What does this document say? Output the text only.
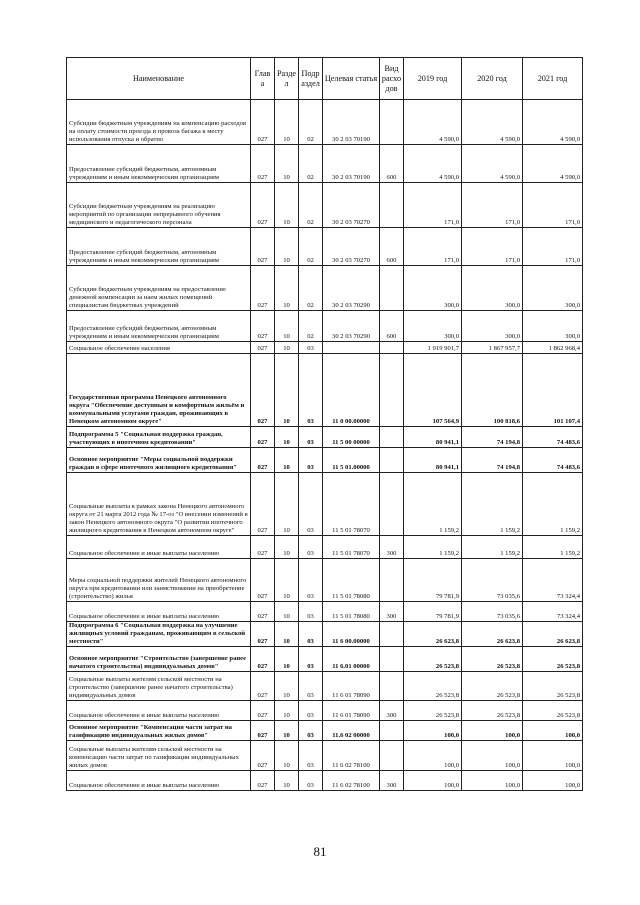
Наименование	Глав а	Разде л	Подр аздел	Целевая статья	Вид расхо дов	2019 год	2020 год	2021 год
Субсидии бюджетным учреждениям на компенсацию расходов на оплату стоимости проезда и провоза багажа к месту использования отпуска и обратно	027	10	02	30 2 03 70190		4 590,0	4 590,0	4 590,0
Предоставление субсидий бюджетным, автономным учреждениям и иным некоммерческим организациям	027	10	02	30 2 03 70190	600	4 590,0	4 590,0	4 590,0
Субсидии бюджетным учреждениям на реализацию мероприятий по организации непрерывного обучения медицинского и педагогического персонала	027	10	02	30 2 03 70270		171,0	171,0	171,0
Предоставление субсидий бюджетным, автономным учреждениям и иным некоммерческим организациям	027	10	02	30 2 03 70270	600	171,0	171,0	171,0
Субсидии бюджетным учреждениям на предоставление денежной компенсации за наем жилых помещений специалистам бюджетных учреждений	027	10	02	30 2 03 70290		300,0	300,0	300,0
Предоставление субсидий бюджетным, автономным учреждениям и иным некоммерческим организациям	027	10	02	30 2 03 70290	600	300,0	300,0	300,0
Социальное обеспечение населения	027	10	03			1 919 901,7	1 867 957,7	1 862 968,4
Государственная программа Ненецкого автономного округа "Обеспечение доступным и комфортным жильём и коммунальными услугами граждан, проживающих в Ненецком автономном округе"	027	10	03	11 0 00.00000		107 564,9	100 818,6	101 107,4
Подпрограмма 5 "Социальная поддержка граждан, участвующих в ипотечном кредитовании"	027	10	03	11 5 00 00000		80 941,1	74 194,8	74 483,6
Основное мероприятие "Меры социальной поддержки граждан в сфере ипотечного жилищного кредитования"	027	10	03	11 5 01.00000		80 941,1	74 194,8	74 483,6
Социальные выплаты в рамках закона Ненецкого автономного округа от 21 марта 2012 года № 17-оз "О внесении изменений в закон Ненецкого автономного округа "О развитии ипотечного жилищного кредитования в Ненецком автономном округе"	027	10	03	11 5 01 78070		1 159,2	1 159,2	1 159,2
Социальное обеспечение и иные выплаты населению	027	10	03	11 5 01 78070	300	1 159,2	1 159,2	1 159,2
Меры социальной поддержки жителей Ненецкого автономного округа при кредитовании или заимствовании на приобретение (строительство) жилья	027	10	03	11 5 01 78080		79 781,9	73 035,6	73 324,4
Социальное обеспечение и иные выплаты населению	027	10	03	11 5 01 78080	300	79 781,9	73 035,6	73 324,4
Подпрограмма 6 "Социальная поддержка на улучшение жилищных условий гражданам, проживающим в сельской местности"	027	10	03	11 6 00.00000		26 623,8	26 623,8	26 623,8
Основное мероприятие "Строительство (завершение ранее начатого строительства) индивидуальных домов"	027	10	03	11 6.01 00000		26 523,8	26 523,8	26 523,8
Социальные выплаты жителям сельской местности на строительство (завершение ранее начатого строительства) индивидуальных домов	027	10	03	11 6 01 78090		26 523,8	26 523,8	26 523,8
Социальное обеспечение и иные выплаты населению	027	10	03	11 6 01 78090	300	26 523,8	26 523,8	26 523,8
Основное мероприятие "Компенсация части затрат на газификацию индивидуальных жилых домов"	027	10	03	11.6 02 00000		100,0	100,0	100,0
Социальные выплаты жителям сельской местности на компенсацию части затрат по газификации индивидуальных жилых домов	027	10	03	11 6 02 78100		100,0	100,0	100,0
Социальное обеспечение и иные выплаты населению	027	10	03	11 6 02 78100	300	100,0	100,0	100,0
81
